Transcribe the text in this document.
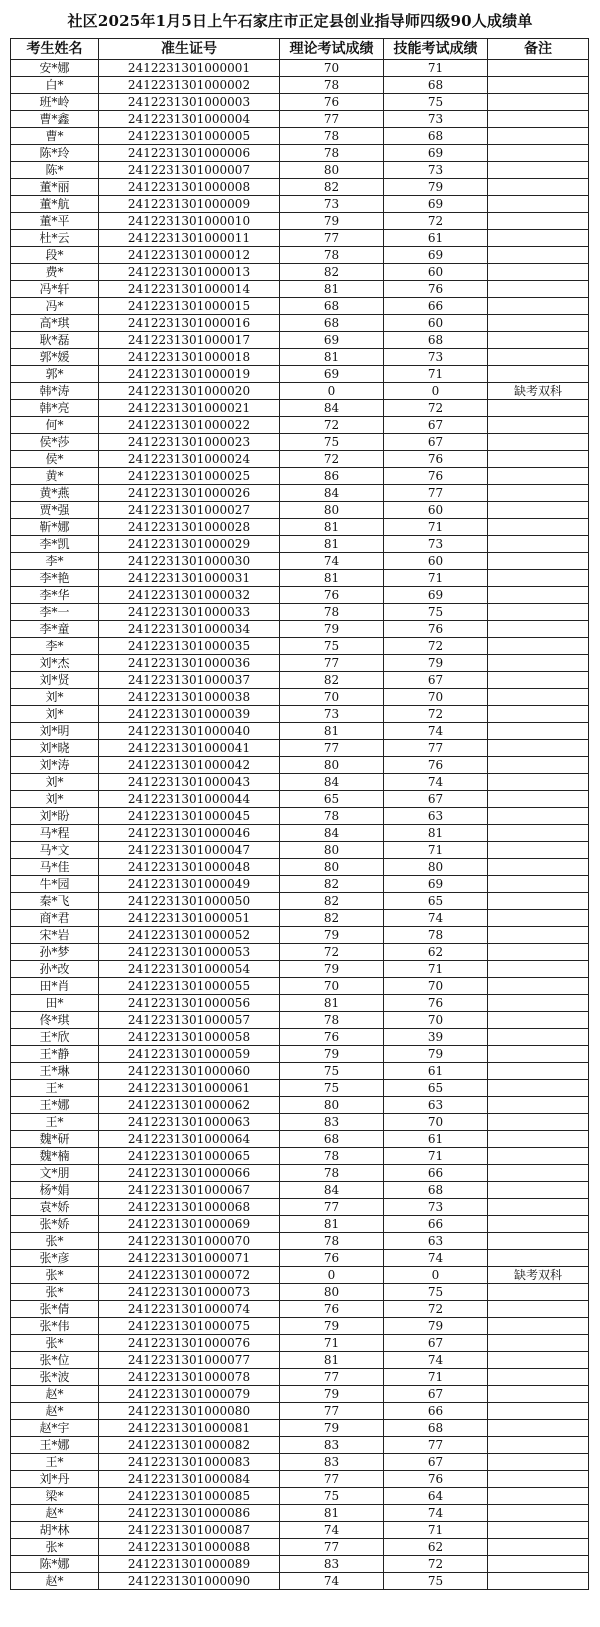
社区2025年1月5日上午石家庄市正定县创业指导师四级90人成绩单
考生姓名	准生证号	理论考试成绩	技能考试成绩	备注
安*娜	2412231301000001	70	71	
白*	2412231301000002	78	68	
班*岭	2412231301000003	76	75	
曹*鑫	2412231301000004	77	73	
曹*	2412231301000005	78	68	
陈*玲	2412231301000006	78	69	
陈*	2412231301000007	80	73	
董*丽	2412231301000008	82	79	
董*航	2412231301000009	73	69	
董*平	2412231301000010	79	72	
杜*云	2412231301000011	77	61	
段*	2412231301000012	78	69	
费*	2412231301000013	82	60	
冯*轩	2412231301000014	81	76	
冯*	2412231301000015	68	66	
高*琪	2412231301000016	68	60	
耿*磊	2412231301000017	69	68	
郭*媛	2412231301000018	81	73	
郭*	2412231301000019	69	71	
韩*涛	2412231301000020	0	0	缺考双科
韩*亮	2412231301000021	84	72	
何*	2412231301000022	72	67	
侯*莎	2412231301000023	75	67	
侯*	2412231301000024	72	76	
黄*	2412231301000025	86	76	
黄*燕	2412231301000026	84	77	
贾*强	2412231301000027	80	60	
靳*娜	2412231301000028	81	71	
李*凯	2412231301000029	81	73	
李*	2412231301000030	74	60	
李*艳	2412231301000031	81	71	
李*华	2412231301000032	76	69	
李*一	2412231301000033	78	75	
李*童	2412231301000034	79	76	
李*	2412231301000035	75	72	
刘*杰	2412231301000036	77	79	
刘*贤	2412231301000037	82	67	
刘*	2412231301000038	70	70	
刘*	2412231301000039	73	72	
刘*明	2412231301000040	81	74	
刘*晓	2412231301000041	77	77	
刘*涛	2412231301000042	80	76	
刘*	2412231301000043	84	74	
刘*	2412231301000044	65	67	
刘*盼	2412231301000045	78	63	
马*程	2412231301000046	84	81	
马*文	2412231301000047	80	71	
马*佳	2412231301000048	80	80	
牛*园	2412231301000049	82	69	
秦*飞	2412231301000050	82	65	
商*君	2412231301000051	82	74	
宋*岩	2412231301000052	79	78	
孙*梦	2412231301000053	72	62	
孙*改	2412231301000054	79	71	
田*肖	2412231301000055	70	70	
田*	2412231301000056	81	76	
佟*琪	2412231301000057	78	70	
王*欣	2412231301000058	76	39	
王*静	2412231301000059	79	79	
王*琳	2412231301000060	75	61	
王*	2412231301000061	75	65	
王*娜	2412231301000062	80	63	
王*	2412231301000063	83	70	
魏*研	2412231301000064	68	61	
魏*楠	2412231301000065	78	71	
文*朋	2412231301000066	78	66	
杨*娟	2412231301000067	84	68	
袁*娇	2412231301000068	77	73	
张*娇	2412231301000069	81	66	
张*	2412231301000070	78	63	
张*彦	2412231301000071	76	74	
张*	2412231301000072	0	0	缺考双科
张*	2412231301000073	80	75	
张*倩	2412231301000074	76	72	
张*伟	2412231301000075	79	79	
张*	2412231301000076	71	67	
张*位	2412231301000077	81	74	
张*波	2412231301000078	77	71	
赵*	2412231301000079	79	67	
赵*	2412231301000080	77	66	
赵*宇	2412231301000081	79	68	
王*娜	2412231301000082	83	77	
王*	2412231301000083	83	67	
刘*丹	2412231301000084	77	76	
梁*	2412231301000085	75	64	
赵*	2412231301000086	81	74	
胡*林	2412231301000087	74	71	
张*	2412231301000088	77	62	
陈*娜	2412231301000089	83	72	
赵*	2412231301000090	74	75	
